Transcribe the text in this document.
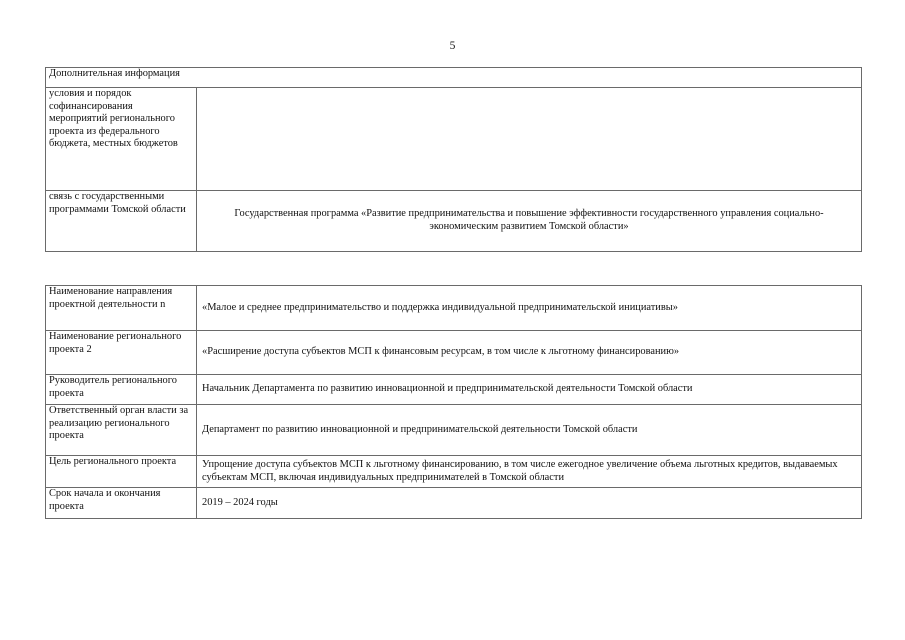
5
Дополнительная информация	
условия и порядок софинансирования мероприятий регионального проекта из федерального бюджета, местных бюджетов	
связь с государственными программами Томской области	Государственная программа «Развитие предпринимательства и повышение эффективности государственного управления социально-экономическим развитием Томской области»
Наименование направления проектной деятельности n	«Малое и среднее предпринимательство и поддержка индивидуальной предпринимательской инициативы»
Наименование регионального проекта 2	«Расширение доступа субъектов МСП к финансовым ресурсам, в том числе к льготному финансированию»
Руководитель регионального проекта	Начальник Департамента по развитию инновационной и предпринимательской деятельности Томской области
Ответственный орган власти за реализацию регионального проекта	Департамент по развитию инновационной и предпринимательской деятельности Томской области
Цель регионального проекта	Упрощение доступа субъектов МСП к льготному финансированию, в том числе ежегодное увеличение объема льготных кредитов, выдаваемых субъектам МСП, включая индивидуальных предпринимателей в Томской области
Срок начала и окончания проекта	2019 – 2024 годы
